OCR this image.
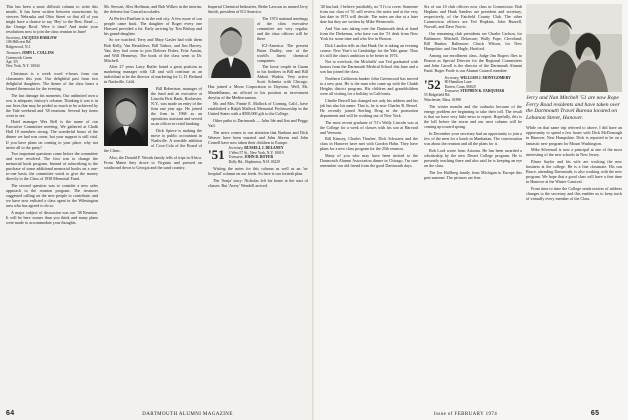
This has been a most difficult column to write this month. It has been written between snowstorms by viewers Nebraska and Ohio Street so that all of you might have a chance to say 'Hey' to the Best. Read — the Orange Bowl. Were it time? And make your resolutions now to join the class reunion in June!

Secretary, JACQUES HARLOW
106 Hillcrest Rd.
Ridgewood, N.J.
Treasurer, JOHN L. COLLINS
Greenwich Green
Apt. 5N
New York, N.Y. 10044

Christmas is a week word e-hours from our classmates this year. Our delightful past from two delightful daughters. The theme of the class bears a leaned thermostat for the evening.

The last damage his moments. Our unlimited own a row is adequate; history's column. Thinking it was it in our lives that may be prided so much to be achieved by the Yale weekend and '38 reunions. Several key items went to see.

Hotel manager Wes Bell is the name of our Executive Committee meeting. We gathered at Chalk Hall 10 members strong. The wonderful hours of the dinner we had was come, but your support is still vital. If you have plans on coming to your place, why not invite all to the party?

Two important questions come before the committee and were resolved. The first was to change the memorial book program. Instead of subscribing to the purchase of some additional memorial books on a one-to-one basis, the committee voted to give the money directly to the Class of 1938 Memorial Fund.

The second question was to consider a new sales approach to the reunion program. The treasurer suggested calling on the new people to contribute, and we have now enlisted a class agent in the Wilmington area who has agreed to do so.

A major subject of discussion was our '38 Reunion. It will be here sooner than you think and many plans were made to accommodate your thoughts.

Mr. Stewart, Alex Hoffman, and Bob Wilkes in the interim, the defense lost Conrad accolades.

At Perfect Panflute is in the real city. A few more of our people came back. The daughter of Roger every one Harvard provided a lot. Early arriving by Tim Bishop and his grand-daughter.

So we watched. Terry and Mary Gasler had with them Bob Kelly, Van Beuchleve, Bill Tarbox, and Jim Harvey. Van, they had come to join Dolores Fisher, Fritz Austin, and Will Hennessy. The book of the class went to Dr. Mitchell.

After 27 years Larry Butler found a great position as marketing manager with GE and will continue as an individual to be the director of marketing for G. D. Bethard in Nashville, Calif.

Bill Robertson, manager of the fund and an executive at Lincoln First Bank, Rochester, N.Y., was made an entry of the firm one year ago. He joined the firm in 1968 as an operations assistant and served as an officer in retail banking.

Dick Spiece is making the move to public accountant in Nashville. A sensible addition of Coca-Cola of the Board of the Clinic.

Also, the Donald F. Woods family tells of trips in Africa. From Maine they drove to Virginia and pressed on southward down to Georgia and the sand country.

Imperial Chemical Industries, Bethe Lawson as named Jerry Smith, president of ICI America.

The 1974 national meetings of the class executive committee are very regular, and the class officers will be there.

ICI-America. The present Brian Dudley, one of the world's finest chemical companies.

The loose couple in Guam to his brothers in Bill and Bill Abbott Wasbis. Very active Scott Schmitz with Chicago. Has joined a Moon Corporation in Daytona. Well, Mr. Mandelbaum, an official to his position as investment dreyfus of the Mediterranean.

Mr. and Mrs. Finnie E. Mallock of Corning, Calif., have established a Ralph Mallock Memorial Professorship in the United States with a $500,000 gift to the College.

Other paths to Dartmouth — John Ide and Jim and Peggy Vail.

The news comes to our attention that Barbara and Dick Weaver have been married and John Ahrens and John Cornell have now taken their children to Europe.

'51	Secretary, RUSSELL J. DELANEY
3 West 57 St., New York, N.Y. 10019
Treasurer, JOHN D. BOYER
Dolly Rd., Hopkinton, N.H. 03229

Writing the notes for this column as well as an 'in-hospital' column on our feeds. So here is our fortieth plan.

The 'Sonja' story: Nicholas left his home at the start of classes. But 'Avery' Wendell arrived.

64	DARTMOUTH ALUMNI MAGAZINE

'40 has had, I believe justifiably, no '51's to cover. Someone from our class of '51 will review the notes and at the very last date in 1973 will decide. The notes are due at a later date but they are written by Mike Wentworth.

And Van was taking over the Dartmouth desk at hand from the Diekemas, who have run the '51 desk from New York for some time and who live in Boston.

Dick Laudon tells us that Hank Orr is taking an evening course. New Year's in Cambridge for the Yale game. Thus it's still the class's ambition to be better in 1974.

Not to overlook, the Mitchells' son Ted graduated with honors from the Dartmouth Medical School this June and a son has joined the class.

Northern California banker John Greenwood has moved to a new post. He is the man who came up with the Chubb Heights district program. His children and grandchildren were all visiting for a holiday in California.

Charlie Bessell has changed not only his address and his job but also his name. That is, he is now Charles R. Bessel. He recently joined Sterling Drug in the promotion department and will be working out of New York.

The most recent graduate of '51's Wally Lincoln was at the College for a week of classes with his son at Harvard and Vermont.

Bill Kimsey, Charles Thurber, Dick Schwartz and the class in Hanover have met with Gordon Hahn. They have plans for a new class program for the 25th reunion.

Many of you who may have been invited to the Dartmouth Alumni Association dinner in Chicago, I'm sure remember our old friend from the good Dartmouth days.

Six of our 10 club officers now class in Connecticut: Bob Hopkins and Hank Sanders are president and secretary, respectively, of the Fairfield County Club. The other Connecticut officers are Ted Hopkins, John Buzzell, Norvall, and Dave Norris.

Our remaining club presidents are Charlie Carlson, for Baltimore; Mitchell, Delaware; Wally Pope, Cleveland; Bill Bunker, Baltimore; Chuck Wilson, for New Hampshire; and Jim Hagle, Hartford.

Among our enrollment class, Judge Jim Rogers flies to Boston as Special Director for the Regional Committees and John Carroll is the director of the Dartmouth Alumni Fund. Roger Poole is our Alumni Council member.

'52	Secretary, WILLIAM J. MONTGOMERY
80 Hamilton Lane
Darien, Conn. 06820
Treasurer, STEPHEN K. FARQUHAR
55 Ridgefield Rd.
Winchester, Mass. 01890

The winter months and the cutbacks because of the energy problem are beginning to take their toll. The result is that we have very little news to report. Hopefully, this is the lull before the storm and our next column will be coming up toward spring.

In December your secretary had an opportunity to join a few of the men for a lunch in Manhattan. The conversation was about the reunion and all the plans for it.

Bob Lord wrote from Arizona. He has been awarded a scholarship by the new Desert College program. He is presently teaching there and also said he is keeping an eye on the class.

The Joe Hallberg family from Michigan to Europe this past summer. The pictures are fine.

Jerry and Nan Mitchell '51 are now Rope Ferry Road residents and have taken over the Dartmouth Travel Bureau located on Lebanon Street, Hanover.

While on that same trip referred to above, I did have an opportunity to spend a few hours with Dick McDonough in Hanover, New Hampshire. Dick is reported to be on a fantastic new program for Mount Washington.

Mike Silvernail is now a principal at one of the most interesting of the new schools in New Jersey.

Elmer Saylor and his wife are working the new business at the college. He is a fine classmate. His son Bruce, attending Dartmouth, is also working with the new program. We hope that a good class will have a fine time in Hanover at the Winter Carnival.

From time to time the College sends notices of address changes to the secretary and this enables us to keep track of virtually every member of the Class.

Issue of FEBRUARY 1974	65
